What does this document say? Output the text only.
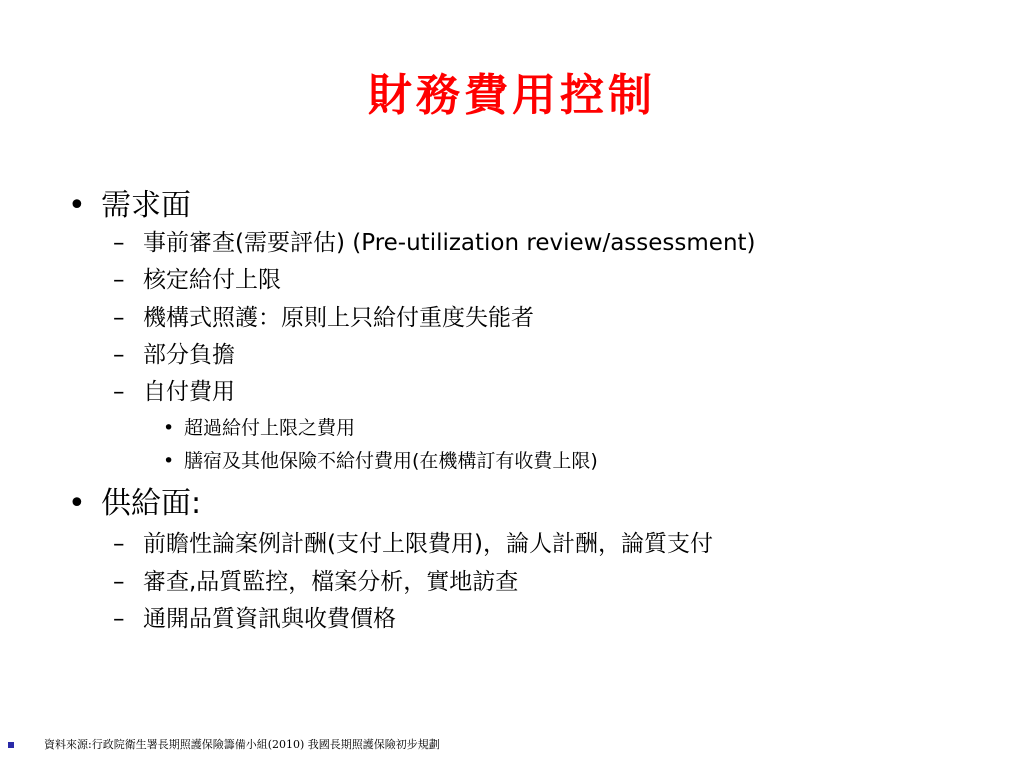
財務費用控制
• 需求面
– 事前審查(需要評估) (Pre-utilization review/assessment)
– 核定給付上限
– 機構式照護：原則上只給付重度失能者
– 部分負擔
– 自付費用
• 超過給付上限之費用
• 膳宿及其他保險不給付費用(在機構訂有收費上限)
• 供給面:
– 前瞻性論案例計酬(支付上限費用)，論人計酬，論質支付
– 審查,品質監控，檔案分析，實地訪查
– 通開品質資訊與收費價格
資料來源:行政院衛生署長期照護保險籌備小組(2010) 我國長期照護保險初步規劃
